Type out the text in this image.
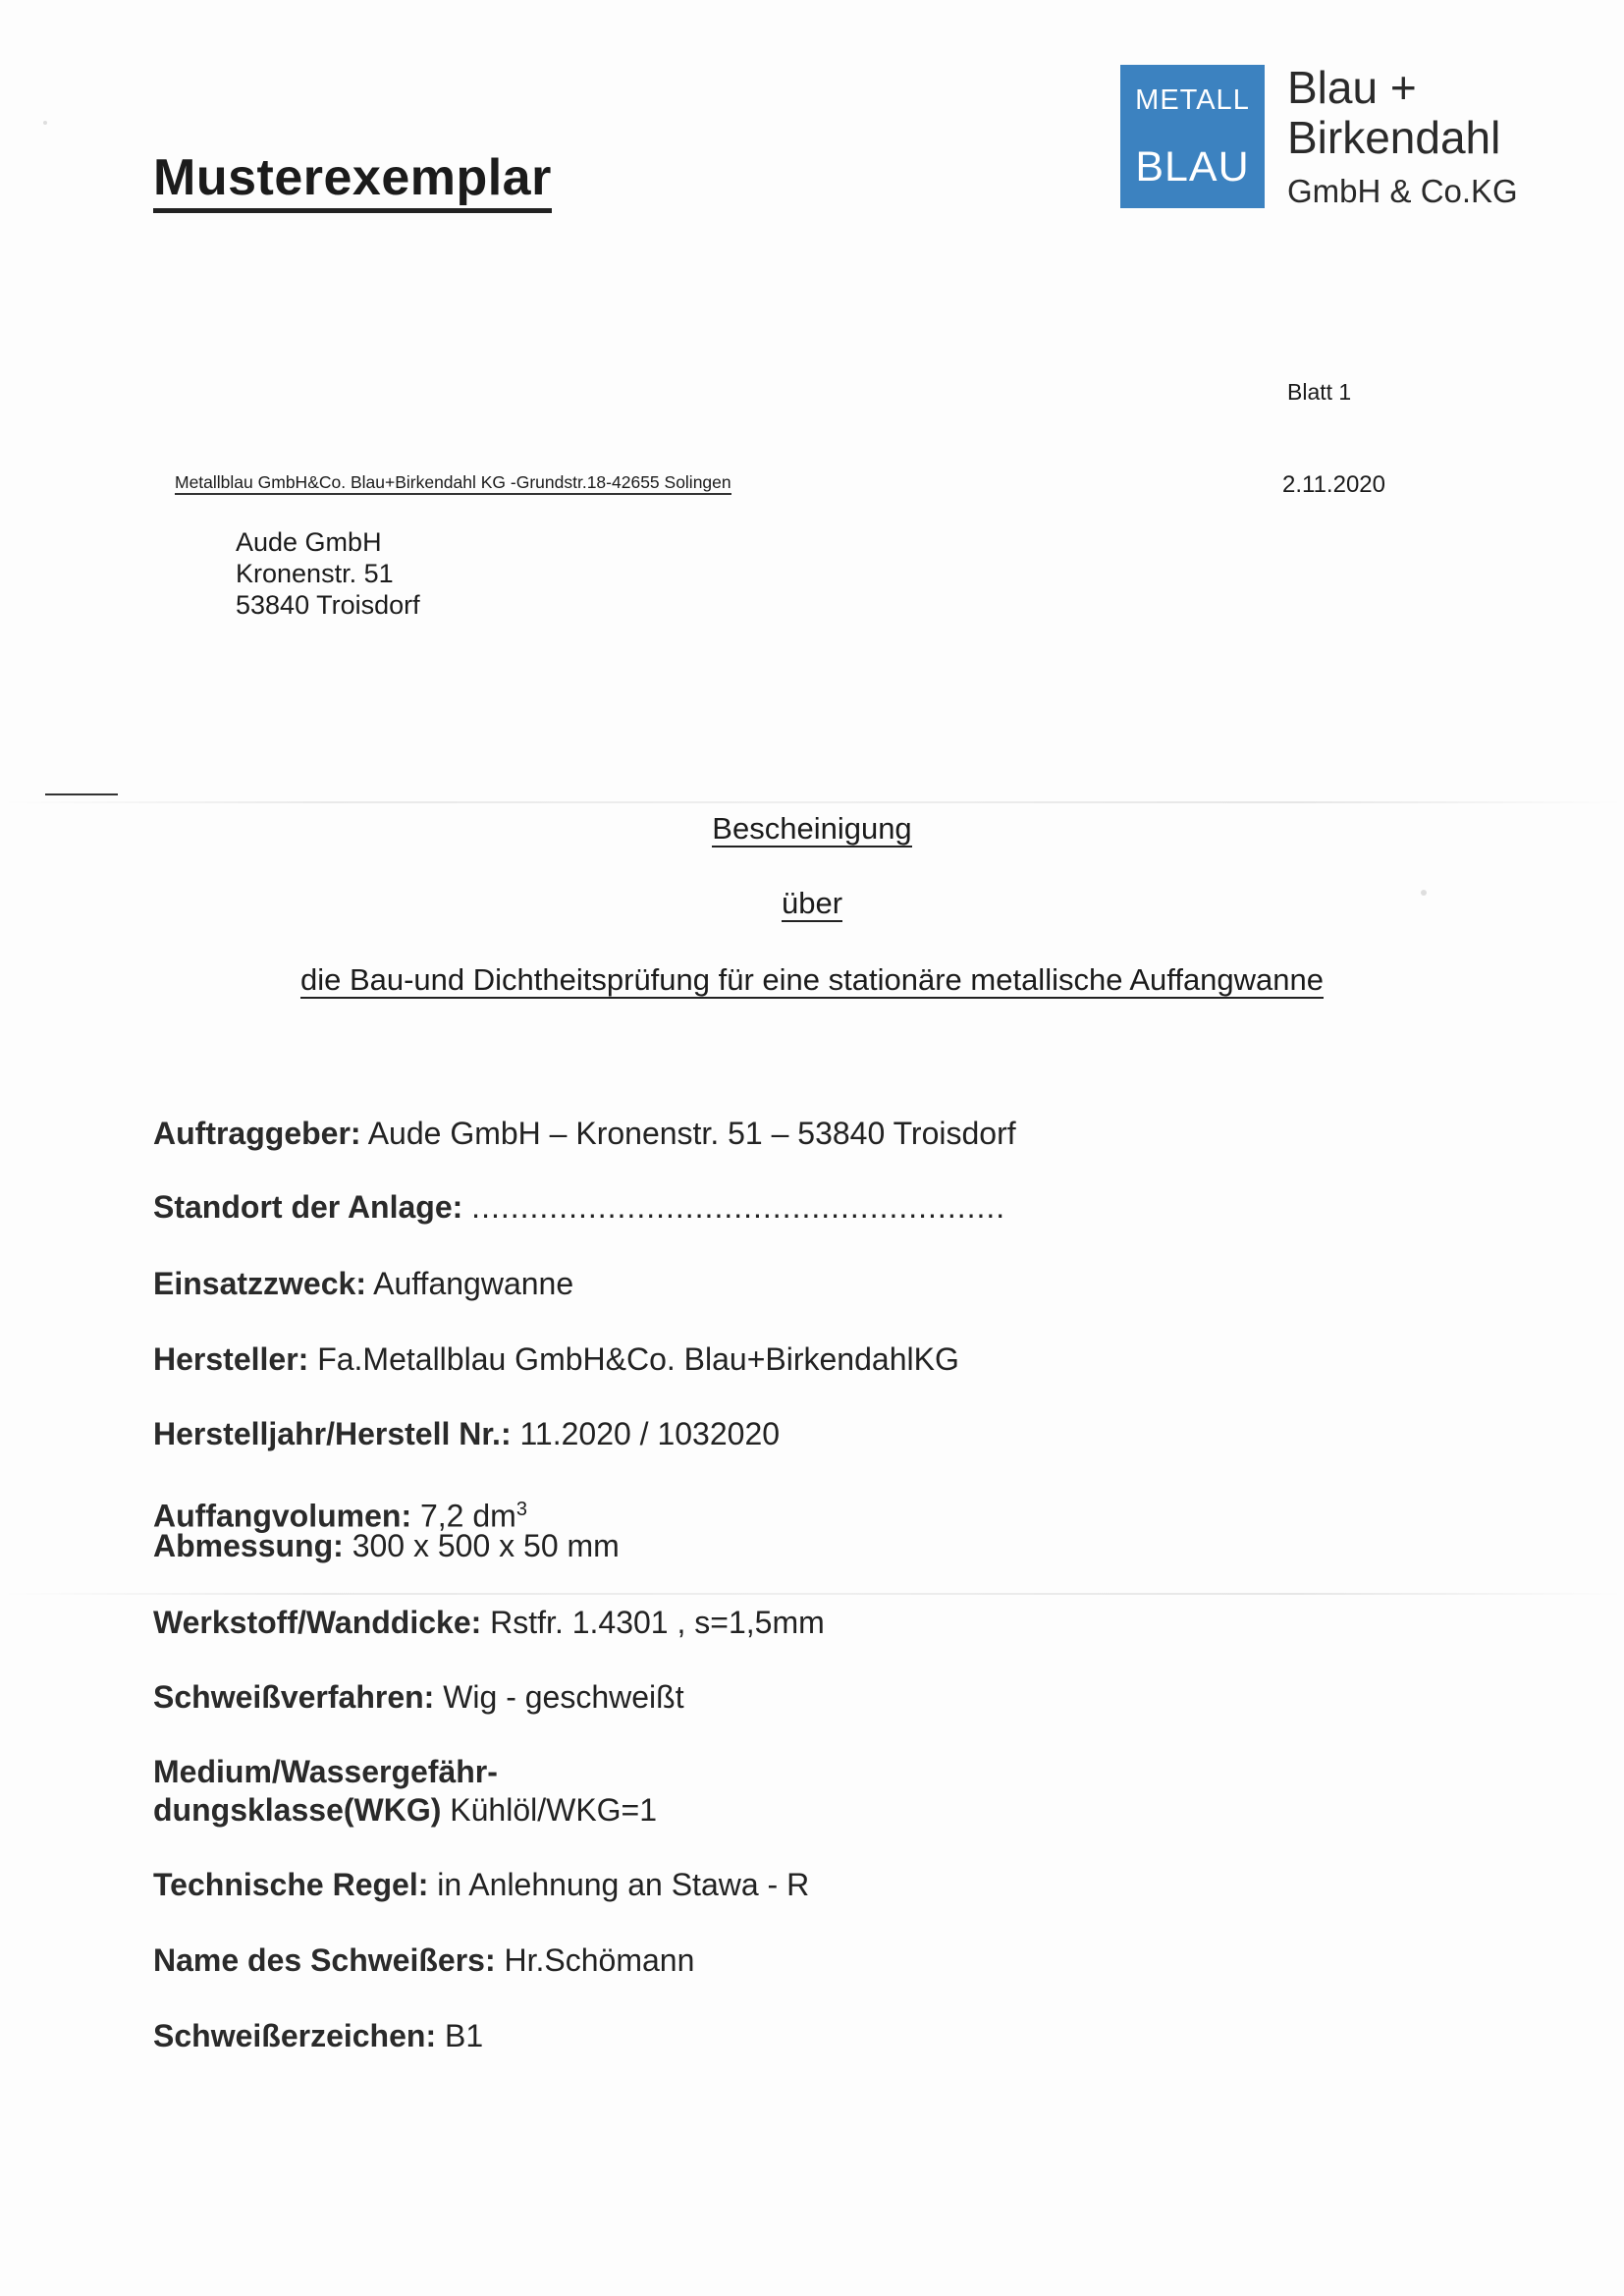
Musterexemplar
METALL
BLAU
Blau +
Birkendahl
GmbH & Co.KG
Blatt 1
Metallblau GmbH&Co. Blau+Birkendahl KG -Grundstr.18-42655 Solingen	2.11.2020
Aude GmbH
Kronenstr. 51
53840 Troisdorf
Bescheinigung
über
die Bau-und Dichtheitsprüfung für eine stationäre metallische Auffangwanne
Auftraggeber: Aude GmbH – Kronenstr. 51 – 53840 Troisdorf
Standort der Anlage: .......................................................
Einsatzzweck: Auffangwanne
Hersteller: Fa.Metallblau GmbH&Co. Blau+BirkendahlKG
Herstelljahr/Herstell Nr.: 11.2020 / 1032020
Auffangvolumen: 7,2 $dm^3$
Abmessung: 300 x 500 x 50 mm
Werkstoff/Wanddicke: Rstfr. 1.4301 , s=1,5mm
Schweißverfahren: Wig - geschweißt
Medium/Wassergefähr-
dungsklasse(WKG) Kühlöl/WKG=1
Technische Regel: in Anlehnung an Stawa - R
Name des Schweißers: Hr.Schömann
Schweißerzeichen: B1
